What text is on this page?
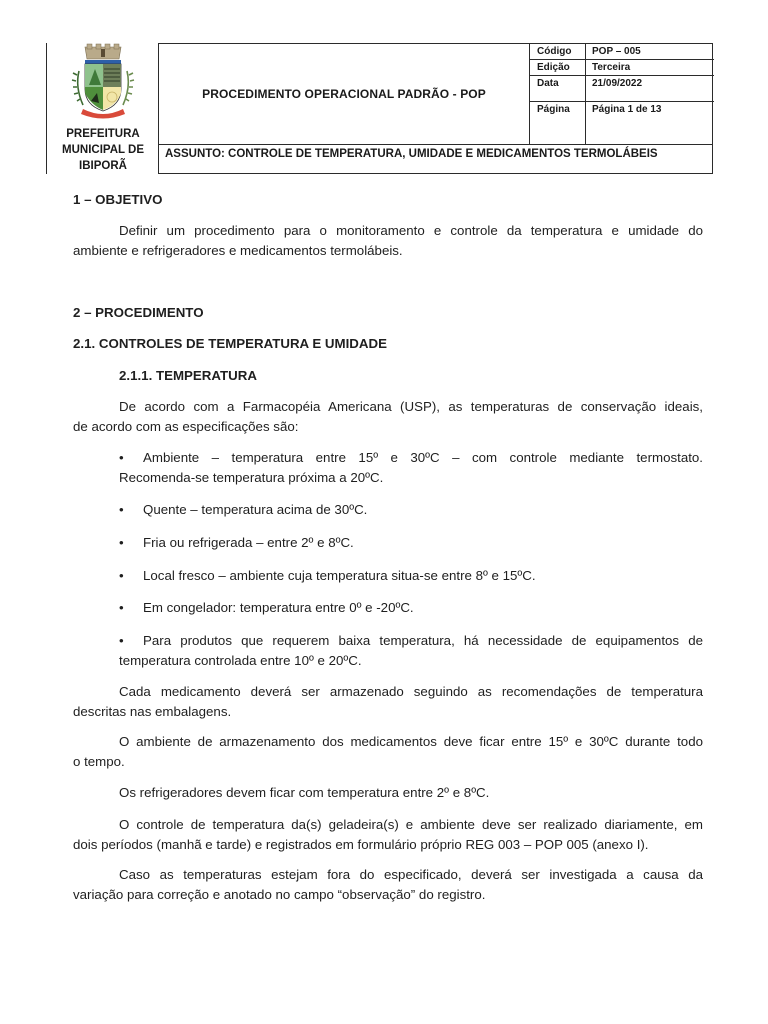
PREFEITURA
MUNICIPAL DE
IBIPORÃ
PROCEDIMENTO OPERACIONAL PADRÃO - POP
Código	POP – 005
Edição	Terceira
Data	21/09/2022
Página	Página 1 de 13
ASSUNTO: CONTROLE DE TEMPERATURA, UMIDADE E MEDICAMENTOS TERMOLÁBEIS
1 – OBJETIVO
Definir um procedimento para o monitoramento e controle da temperatura e umidade do
ambiente e refrigeradores e medicamentos termolábeis.
2 – PROCEDIMENTO
2.1. CONTROLES DE TEMPERATURA E UMIDADE
2.1.1. TEMPERATURA
De acordo com a Farmacopéia Americana (USP), as temperaturas de conservação ideais,
de acordo com as especificações são:
• Ambiente – temperatura entre 15º e 30ºC – com controle mediante termostato.
Recomenda-se temperatura próxima a 20ºC.
• Quente – temperatura acima de 30ºC.
• Fria ou refrigerada – entre 2º e 8ºC.
• Local fresco – ambiente cuja temperatura situa-se entre 8º e 15ºC.
• Em congelador: temperatura entre 0º e -20ºC.
• Para produtos que requerem baixa temperatura, há necessidade de equipamentos de
temperatura controlada entre 10º e 20ºC.
Cada medicamento deverá ser armazenado seguindo as recomendações de temperatura
descritas nas embalagens.
O ambiente de armazenamento dos medicamentos deve ficar entre 15º e 30ºC durante todo
o tempo.
Os refrigeradores devem ficar com temperatura entre 2º e 8ºC.
O controle de temperatura da(s) geladeira(s) e ambiente deve ser realizado diariamente, em
dois períodos (manhã e tarde) e registrados em formulário próprio REG 003 – POP 005 (anexo I).
Caso as temperaturas estejam fora do especificado, deverá ser investigada a causa da
variação para correção e anotado no campo “observação” do registro.
